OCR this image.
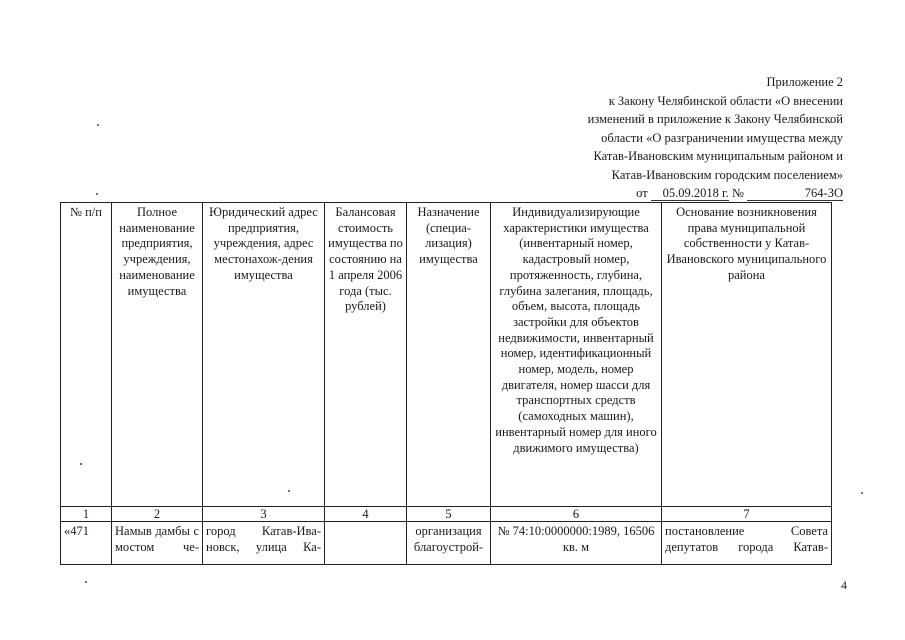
Приложение 2
к Закону Челябинской области «О внесении
изменений в приложение к Закону Челябинской
области «О разграничении имущества между
Катав-Ивановским муниципальным районом и
Катав-Ивановским городским поселением»
от 05.09.2018 г. №	764-ЗО
№ п/п	Полное наименование предприятия, учреждения, наименование имущества	Юридический адрес предприятия, учреждения, адрес местонахож-дения имущества	Балансовая стоимость имущества по состоянию на 1 апреля 2006 года (тыс. рублей)	Назначение (специа-лизация) имущества	Индивидуализирующие характеристики имущества (инвентарный номер, кадастровый номер, протяженность, глубина, глубина залегания, площадь, объем, высота, площадь застройки для объектов недвижимости, инвентарный номер, идентификационный номер, модель, номер двигателя, номер шасси для транспортных средств (самоходных машин), инвентарный номер для иного движимого имущества)	Основание возникновения права муниципальной собственности у Катав-Ивановского муниципального района
1	2	3	4	5	6	7
«471	Намыв дамбы с мостом че-	город Катав-Ива-новск, улица Ка-		организация благоустрой-	№ 74:10:0000000:1989, 16506 кв. м	постановление Совета депутатов города Катав-
4
